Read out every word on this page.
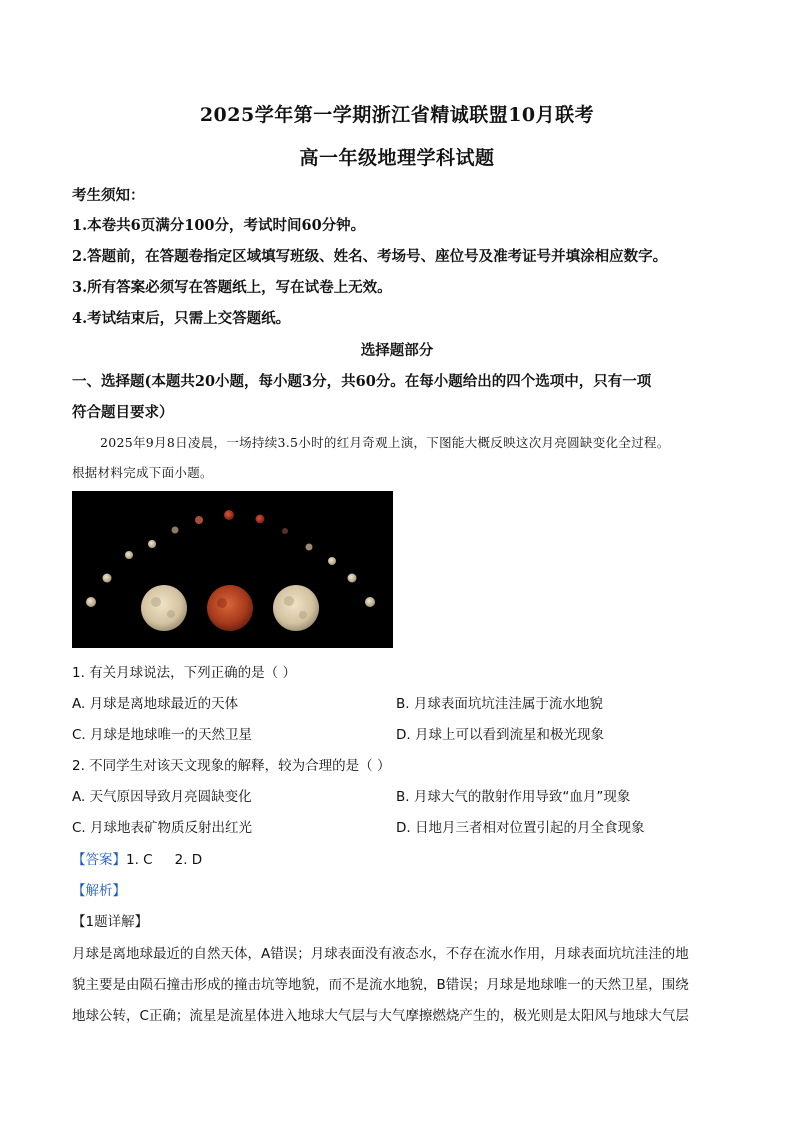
2025学年第一学期浙江省精诚联盟10月联考
高一年级地理学科试题
考生须知：
1.本卷共6页满分100分，考试时间60分钟。
2.答题前，在答题卷指定区域填写班级、姓名、考场号、座位号及准考证号并填涂相应数字。
3.所有答案必须写在答题纸上，写在试卷上无效。
4.考试结束后，只需上交答题纸。
选择题部分
一、选择题(本题共20小题，每小题3分，共60分。在每小题给出的四个选项中，只有一项
符合题目要求）
2025年9月8日凌晨，一场持续3.5小时的红月奇观上演，下图能大概反映这次月亮圆缺变化全过程。
根据材料完成下面小题。
1. 有关月球说法，下列正确的是（ ）
A. 月球是离地球最近的天体	B. 月球表面坑坑洼洼属于流水地貌
C. 月球是地球唯一的天然卫星	D. 月球上可以看到流星和极光现象
2. 不同学生对该天文现象的解释，较为合理的是（ ）
A. 天气原因导致月亮圆缺变化	B. 月球大气的散射作用导致“血月”现象
C. 月球地表矿物质反射出红光	D. 日地月三者相对位置引起的月全食现象
【答案】1. C 2. D
【解析】
【1题详解】
月球是离地球最近的自然天体，A错误；月球表面没有液态水，不存在流水作用，月球表面坑坑洼洼的地
貌主要是由陨石撞击形成的撞击坑等地貌，而不是流水地貌，B错误；月球是地球唯一的天然卫星，围绕
地球公转，C正确；流星是流星体进入地球大气层与大气摩擦燃烧产生的，极光则是太阳风与地球大气层
